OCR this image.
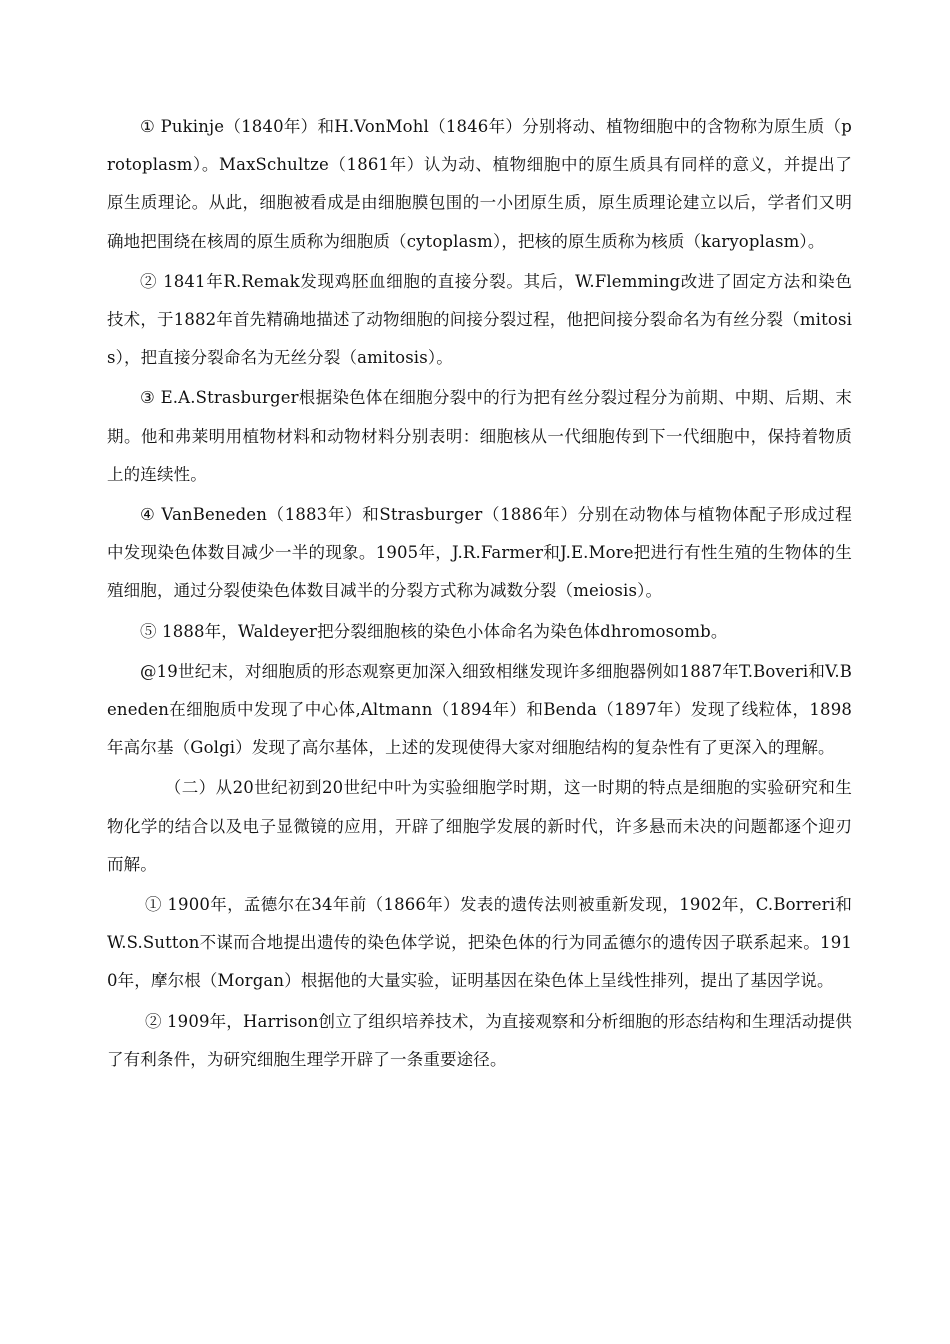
① Pukinje（1840年）和H.VonMohl（1846年）分别将动、植物细胞中的含物称为原生质（protoplasm）。MaxSchultze（1861年）认为动、植物细胞中的原生质具有同样的意义，并提出了原生质理论。从此，细胞被看成是由细胞膜包围的一小团原生质，原生质理论建立以后，学者们又明确地把围绕在核周的原生质称为细胞质（cytoplasm），把核的原生质称为核质（karyoplasm）。

② 1841年R.Remak发现鸡胚血细胞的直接分裂。其后，W.Flemming改进了固定方法和染色技术，于1882年首先精确地描述了动物细胞的间接分裂过程，他把间接分裂命名为有丝分裂（mitosis），把直接分裂命名为无丝分裂（amitosis）。

③ E.A.Strasburger根据染色体在细胞分裂中的行为把有丝分裂过程分为前期、中期、后期、末期。他和弗莱明用植物材料和动物材料分别表明：细胞核从一代细胞传到下一代细胞中，保持着物质上的连续性。

④ VanBeneden（1883年）和Strasburger（1886年）分别在动物体与植物体配子形成过程中发现染色体数目减少一半的现象。1905年，J.R.Farmer和J.E.More把进行有性生殖的生物体的生殖细胞，通过分裂使染色体数目减半的分裂方式称为减数分裂（meiosis）。

⑤ 1888年，Waldeyer把分裂细胞核的染色小体命名为染色体dhromosomb。

@19世纪末，对细胞质的形态观察更加深入细致相继发现许多细胞器例如1887年T.Boveri和V.Beneden在细胞质中发现了中心体,Altmann（1894年）和Benda（1897年）发现了线粒体，1898年高尔基（Golgi）发现了高尔基体，上述的发现使得大家对细胞结构的复杂性有了更深入的理解。

（二）从20世纪初到20世纪中叶为实验细胞学时期，这一时期的特点是细胞的实验研究和生物化学的结合以及电子显微镜的应用，开辟了细胞学发展的新时代，许多悬而未决的问题都逐个迎刃而解。

① 1900年，孟德尔在34年前（1866年）发表的遗传法则被重新发现，1902年，C.Borreri和W.S.Sutton不谋而合地提出遗传的染色体学说，把染色体的行为同孟德尔的遗传因子联系起来。1910年，摩尔根（Morgan）根据他的大量实验，证明基因在染色体上呈线性排列，提出了基因学说。

② 1909年，Harrison创立了组织培养技术，为直接观察和分析细胞的形态结构和生理活动提供了有利条件，为研究细胞生理学开辟了一条重要途径。
